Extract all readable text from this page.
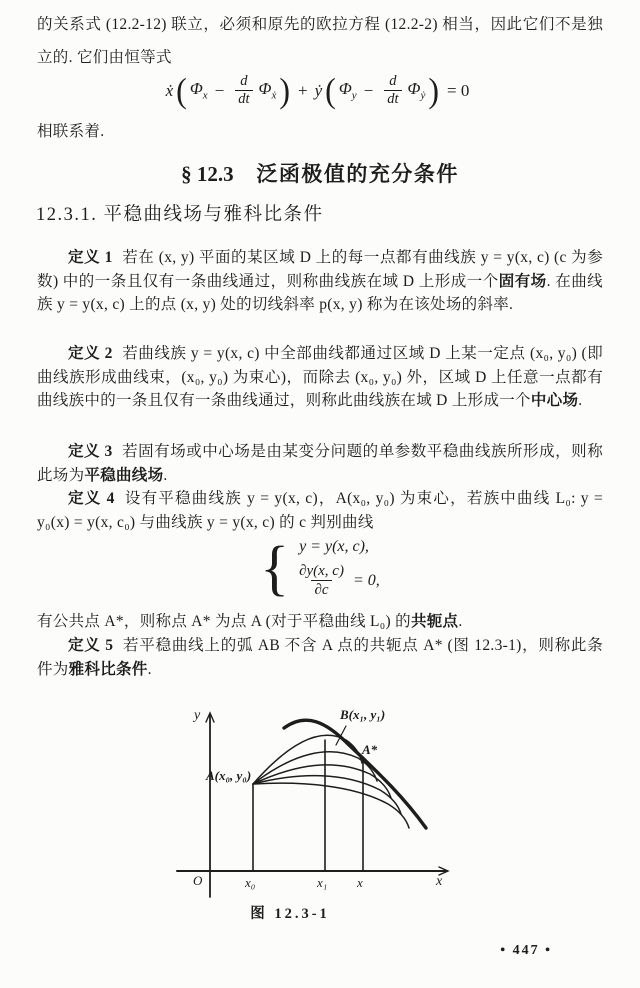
的关系式 (12.2-12) 联立，必须和原先的欧拉方程 (12.2-2) 相当，因此它们不是独立的. 它们由恒等式
ẋ ( $\Phi_x - \frac{d}{dt} \Phi_ẋ$ ) + ẏ ( $\Phi_y - \frac{d}{dt} \Phi_ẏ$ ) = 0
相联系着.
§ 12.3 泛函极值的充分条件
12.3.1. 平稳曲线场与雅科比条件
定义 1 若在 (x, y) 平面的某区域 D 上的每一点都有曲线族 y = y(x, c) (c 为参数) 中的一条且仅有一条曲线通过，则称曲线族在域 D 上形成一个固有场. 在曲线族 y = y(x, c) 上的点 (x, y) 处的切线斜率 p(x, y) 称为在该处场的斜率.
定义 2 若曲线族 y = y(x, c) 中全部曲线都通过区域 D 上某一定点 (x₀, y₀) (即曲线族形成曲线束，(x₀, y₀) 为束心)，而除去 (x₀, y₀) 外，区域 D 上任意一点都有曲线族中的一条且仅有一条曲线通过，则称此曲线族在域 D 上形成一个中心场.
定义 3 若固有场或中心场是由某变分问题的单参数平稳曲线族所形成，则称此场为平稳曲线场.
定义 4 设有平稳曲线族 y = y(x, c)，A(x₀, y₀) 为束心，若族中曲线 L₀: y = y₀(x) = y(x, c₀) 与曲线族 y = y(x, c) 的 c 判别曲线
{ y = y(x, c),
$\frac{\partial y(x, c)}{\partial c} = 0$,
有公共点 A*，则称点 A* 为点 A (对于平稳曲线 L₀) 的共轭点.
定义 5 若平稳曲线上的弧 AB 不含 A 点的共轭点 A* (图 12.3-1)，则称此条件为雅科比条件.
y
x
O
A(x₀, y₀)
B(x₁, y₁)
A*
x₀	x₁ x
图 12.3-1
• 447 •
